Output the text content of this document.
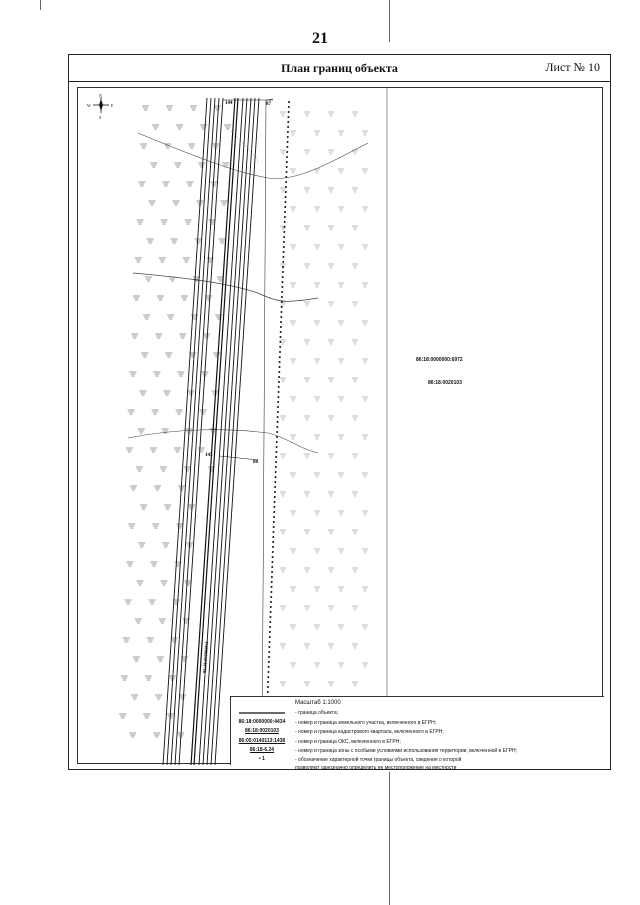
21
План границ объекта	Лист № 10
N
S
W	E	144	87
143
88
86:18:0000000:2
86:18:0000000:6972
86:18:0020103
Масштаб 1:1000
- граница объекта;
86:18:0000000:4434	- номер и граница земельного участка, включенного в ЕГРН;
86:18:0020103	- номер и граница кадастрового квартала, включенного в ЕГРН;
86:05:0140113:1438	- номер и граница ОКС, включенного в ЕГРН;
86:18-6.24	- номер и граница зоны с особыми условиями использования территории, включенной в ЕГРН;
• 1	- обозначение характерной точки границы объекта, сведения о которой
позволяют однозначно определить ее местоположение на местности
